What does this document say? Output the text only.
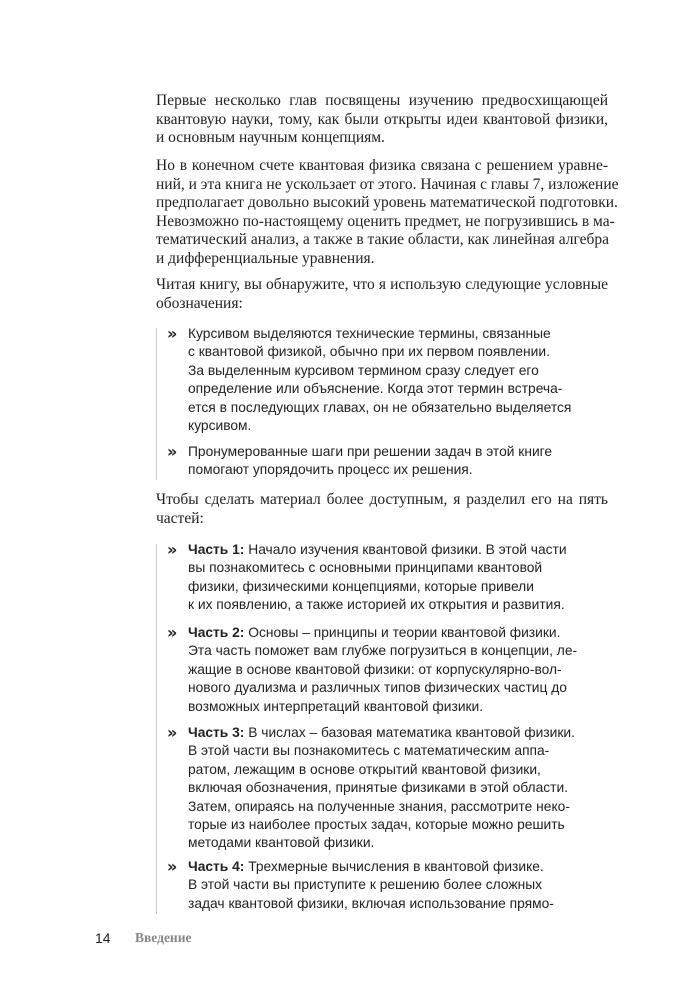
Первые несколько глав посвящены изучению предвосхищающей
квантовую науки, тому, как были открыты идеи квантовой физики,
и основным научным концепциям.

Но в конечном счете квантовая физика связана с решением уравне-
ний, и эта книга не ускользает от этого. Начиная с главы 7, изложение
предполагает довольно высокий уровень математической подготовки.
Невозможно по-настоящему оценить предмет, не погрузившись в ма-
тематический анализ, а также в такие области, как линейная алгебра
и дифференциальные уравнения.

Читая книгу, вы обнаружите, что я использую следующие условные
обозначения:

» Курсивом выделяются технические термины, связанные
с квантовой физикой, обычно при их первом появлении.
За выделенным курсивом термином сразу следует его
определение или объяснение. Когда этот термин встреча-
ется в последующих главах, он не обязательно выделяется
курсивом.
» Пронумерованные шаги при решении задач в этой книге
помогают упорядочить процесс их решения.

Чтобы сделать материал более доступным, я разделил его на пять
частей:

» Часть 1: Начало изучения квантовой физики. В этой части
вы познакомитесь с основными принципами квантовой
физики, физическими концепциями, которые привели
к их появлению, а также историей их открытия и развития.
» Часть 2: Основы – принципы и теории квантовой физики.
Эта часть поможет вам глубже погрузиться в концепции, ле-
жащие в основе квантовой физики: от корпускулярно-вол-
нового дуализма и различных типов физических частиц до
возможных интерпретаций квантовой физики.
» Часть 3: В числах – базовая математика квантовой физики.
В этой части вы познакомитесь с математическим аппа-
ратом, лежащим в основе открытий квантовой физики,
включая обозначения, принятые физиками в этой области.
Затем, опираясь на полученные знания, рассмотрите неко-
торые из наиболее простых задач, которые можно решить
методами квантовой физики.
» Часть 4: Трехмерные вычисления в квантовой физике.
В этой части вы приступите к решению более сложных
задач квантовой физики, включая использование прямо-
14 Введение
